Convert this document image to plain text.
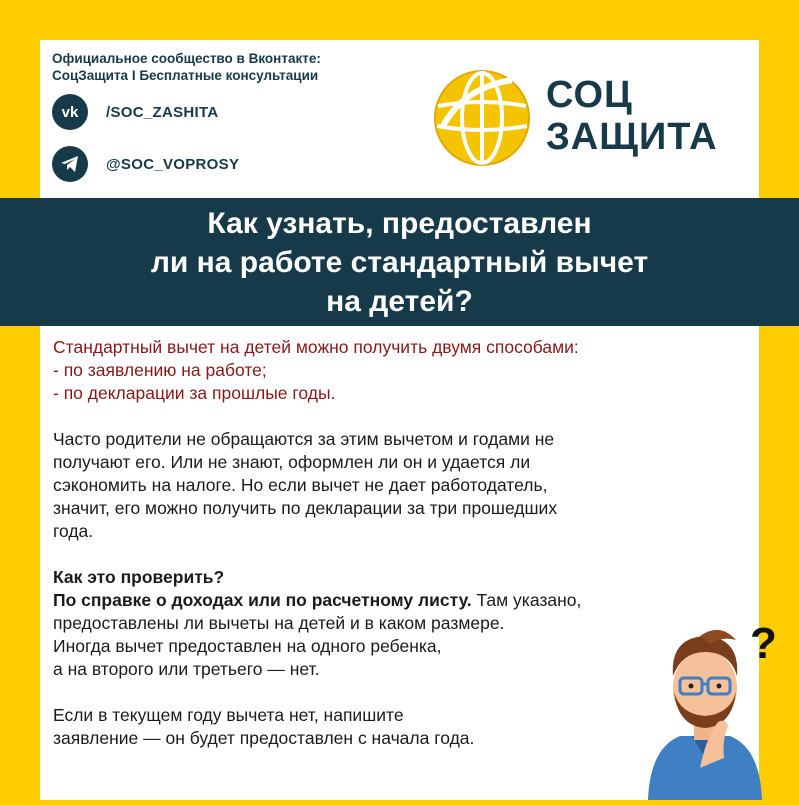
Официальное сообщество в Вконтакте:
СоцЗащита I Бесплатные консультации
vk /SOC_ZASHITA
@SOC_VOPROSY
СОЦ
ЗАЩИТА
Как узнать, предоставлен
ли на работе стандартный вычет
на детей?

Стандартный вычет на детей можно получить двумя способами:
- по заявлению на работе;
- по декларации за прошлые годы.

Часто родители не обращаются за этим вычетом и годами не
получают его. Или не знают, оформлен ли он и удается ли
сэкономить на налоге. Но если вычет не дает работодатель,
значит, его можно получить по декларации за три прошедших
года.

Как это проверить?
По справке о доходах или по расчетному листу. Там указано,
предоставлены ли вычеты на детей и в каком размере.
Иногда вычет предоставлен на одного ребенка,
а на второго или третьего — нет.

Если в текущем году вычета нет, напишите
заявление — он будет предоставлен с начала года.

?
